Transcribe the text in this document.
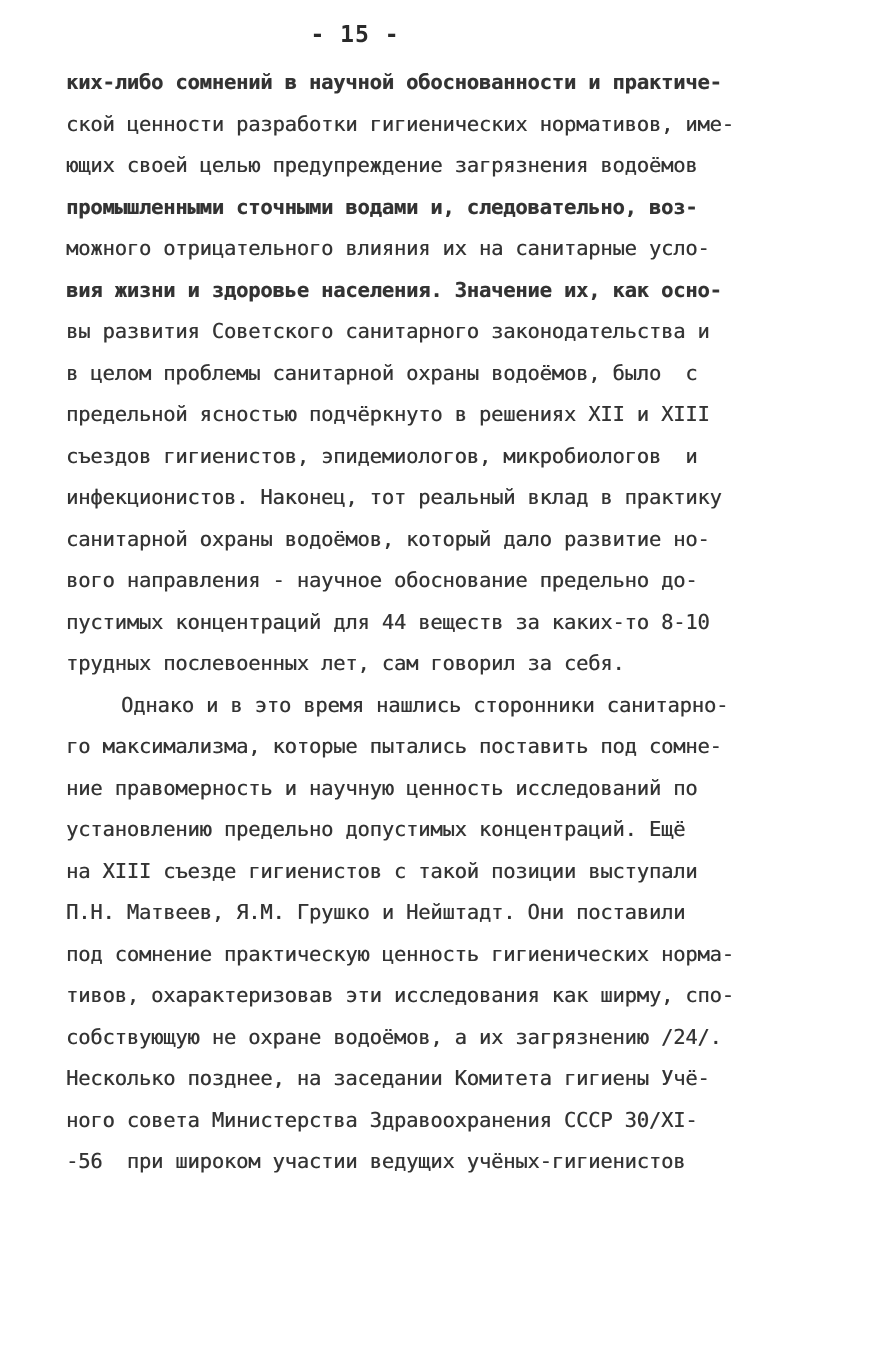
- 15 -
ких-либо сомнений в научной обоснованности и практиче-
ской ценности разработки гигиенических нормативов, име-
ющих своей целью предупреждение загрязнения водоёмов
промышленными сточными водами и, следовательно, воз-
можного отрицательного влияния их на санитарные усло-
вия жизни и здоровье населения. Значение их, как осно-
вы развития Советского санитарного законодательства и
в целом проблемы санитарной охраны водоёмов, было  с
предельной ясностью подчёркнуто в решениях XII и XIII
съездов гигиенистов, эпидемиологов, микробиологов  и
инфекционистов. Наконец, тот реальный вклад в практику
санитарной охраны водоёмов, который дало развитие но-
вого направления - научное обоснование предельно до-
пустимых концентраций для 44 веществ за каких-то 8-10
трудных послевоенных лет, сам говорил за себя.
Однако и в это время нашлись сторонники санитарно-
го максимализма, которые пытались поставить под сомне-
ние правомерность и научную ценность исследований по
установлению предельно допустимых концентраций. Ещё
на XIII съезде гигиенистов с такой позиции выступали
П.Н. Матвеев, Я.М. Грушко и Нейштадт. Они поставили
под сомнение практическую ценность гигиенических норма-
тивов, охарактеризовав эти исследования как ширму, спо-
собствующую не охране водоёмов, а их загрязнению /24/.
Несколько позднее, на заседании Комитета гигиены Учё-
ного совета Министерства Здравоохранения СССР 30/XI-
-56  при широком участии ведущих учёных-гигиенистов
